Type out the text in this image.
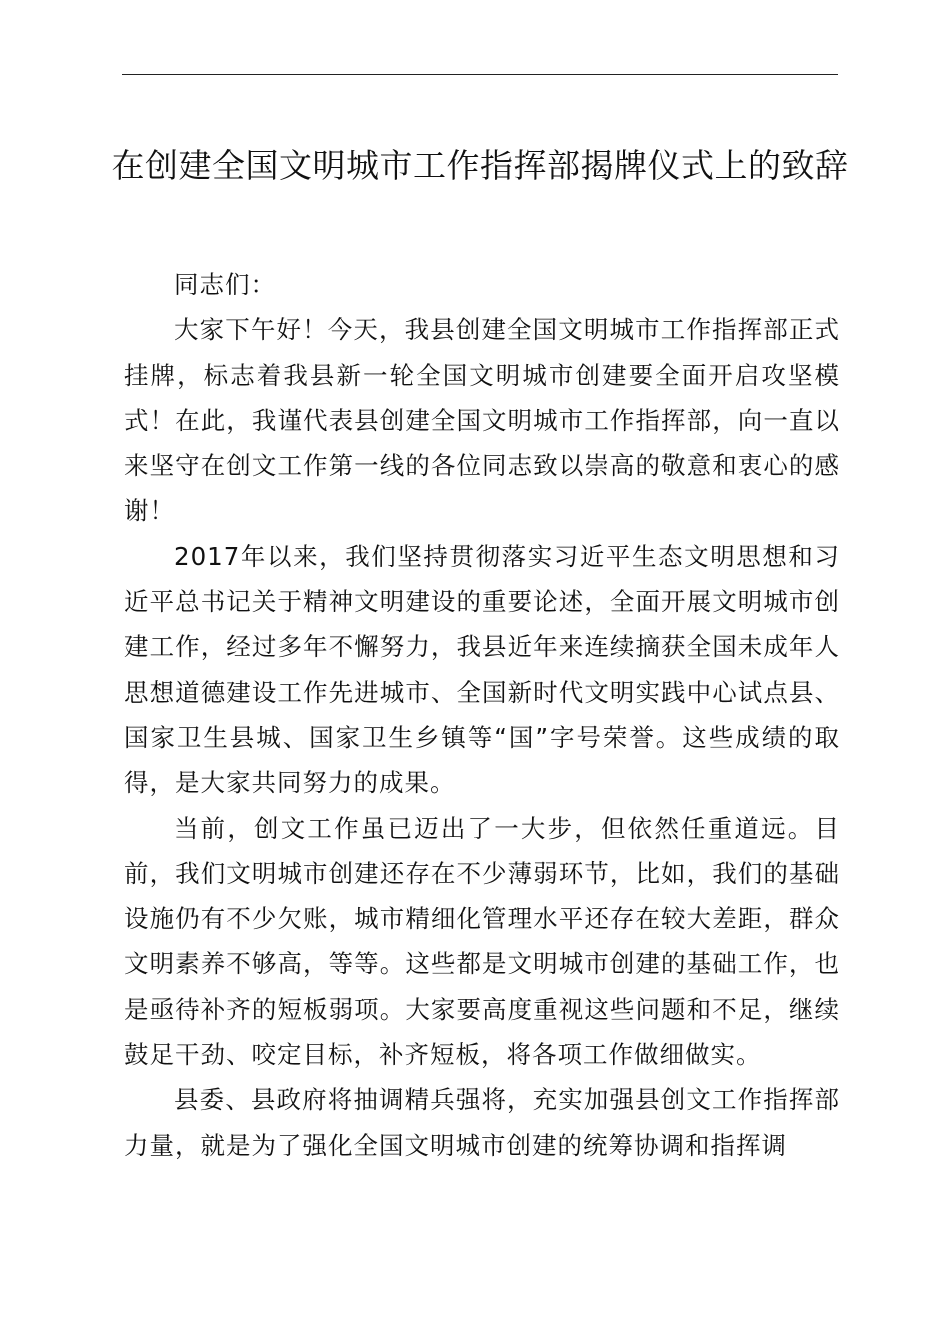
在创建全国文明城市工作指挥部揭牌仪式上的致辞

同志们：

大家下午好！今天，我县创建全国文明城市工作指挥部正式挂牌，标志着我县新一轮全国文明城市创建要全面开启攻坚模式！在此，我谨代表县创建全国文明城市工作指挥部，向一直以来坚守在创文工作第一线的各位同志致以崇高的敬意和衷心的感谢！

2017年以来，我们坚持贯彻落实习近平生态文明思想和习近平总书记关于精神文明建设的重要论述，全面开展文明城市创建工作，经过多年不懈努力，我县近年来连续摘获全国未成年人思想道德建设工作先进城市、全国新时代文明实践中心试点县、国家卫生县城、国家卫生乡镇等“国”字号荣誉。这些成绩的取得，是大家共同努力的成果。

当前，创文工作虽已迈出了一大步，但依然任重道远。目前，我们文明城市创建还存在不少薄弱环节，比如，我们的基础设施仍有不少欠账，城市精细化管理水平还存在较大差距，群众文明素养不够高，等等。这些都是文明城市创建的基础工作，也是亟待补齐的短板弱项。大家要高度重视这些问题和不足，继续鼓足干劲、咬定目标，补齐短板，将各项工作做细做实。

县委、县政府将抽调精兵强将，充实加强县创文工作指挥部力量，就是为了强化全国文明城市创建的统筹协调和指挥调
